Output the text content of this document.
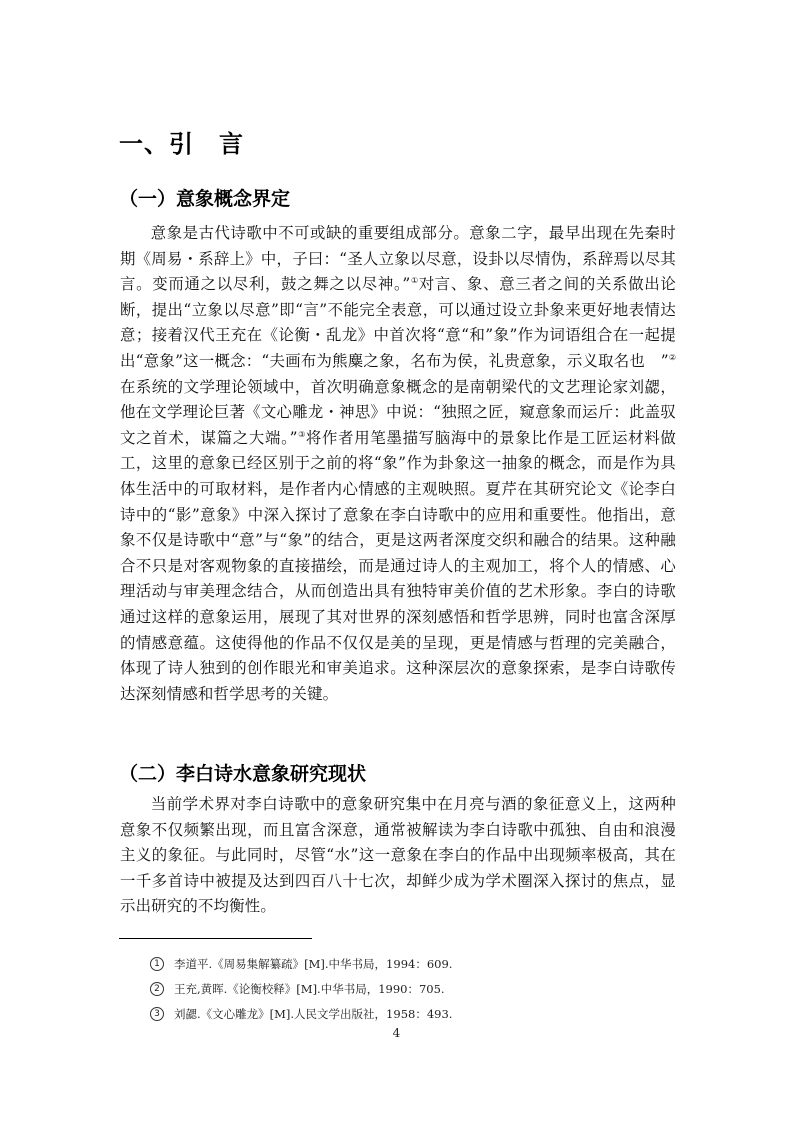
一、引　言
（一）意象概念界定

意象是古代诗歌中不可或缺的重要组成部分。意象二字，最早出现在先秦时期《周易・系辞上》中，子曰：“圣人立象以尽意，设卦以尽情伪，系辞焉以尽其言。变而通之以尽利，鼓之舞之以尽神。”①对言、象、意三者之间的关系做出论断，提出“立象以尽意”即“言”不能完全表意，可以通过设立卦象来更好地表情达意；接着汉代王充在《论衡・乱龙》中首次将“意“和”象”作为词语组合在一起提出“意象”这一概念：“夫画布为熊麋之象，名布为侯，礼贵意象，示义取名也　”②在系统的文学理论领域中，首次明确意象概念的是南朝梁代的文艺理论家刘勰，他在文学理论巨著《文心雕龙・神思》中说：“独照之匠，窥意象而运斤：此盖驭文之首术，谋篇之大端。”③将作者用笔墨描写脑海中的景象比作是工匠运材料做工，这里的意象已经区别于之前的将“象”作为卦象这一抽象的概念，而是作为具体生活中的可取材料，是作者内心情感的主观映照。夏芹在其研究论文《论李白诗中的“影”意象》中深入探讨了意象在李白诗歌中的应用和重要性。他指出，意象不仅是诗歌中“意”与“象”的结合，更是这两者深度交织和融合的结果。这种融合不只是对客观物象的直接描绘，而是通过诗人的主观加工，将个人的情感、心理活动与审美理念结合，从而创造出具有独特审美价值的艺术形象。李白的诗歌通过这样的意象运用，展现了其对世界的深刻感悟和哲学思辨，同时也富含深厚的情感意蕴。这使得他的作品不仅仅是美的呈现，更是情感与哲理的完美融合，体现了诗人独到的创作眼光和审美追求。这种深层次的意象探索，是李白诗歌传达深刻情感和哲学思考的关键。

（二）李白诗水意象研究现状

当前学术界对李白诗歌中的意象研究集中在月亮与酒的象征意义上，这两种意象不仅频繁出现，而且富含深意，通常被解读为李白诗歌中孤独、自由和浪漫主义的象征。与此同时，尽管“水”这一意象在李白的作品中出现频率极高，其在一千多首诗中被提及达到四百八十七次，却鲜少成为学术圈深入探讨的焦点，显示出研究的不均衡性。

1	李道平.《周易集解纂疏》[M].中华书局，1994：609.
2	王充,黄晖.《论衡校释》[M].中华书局，1990：705.
3	刘勰.《文心雕龙》[M].人民文学出版社，1958：493.
4
